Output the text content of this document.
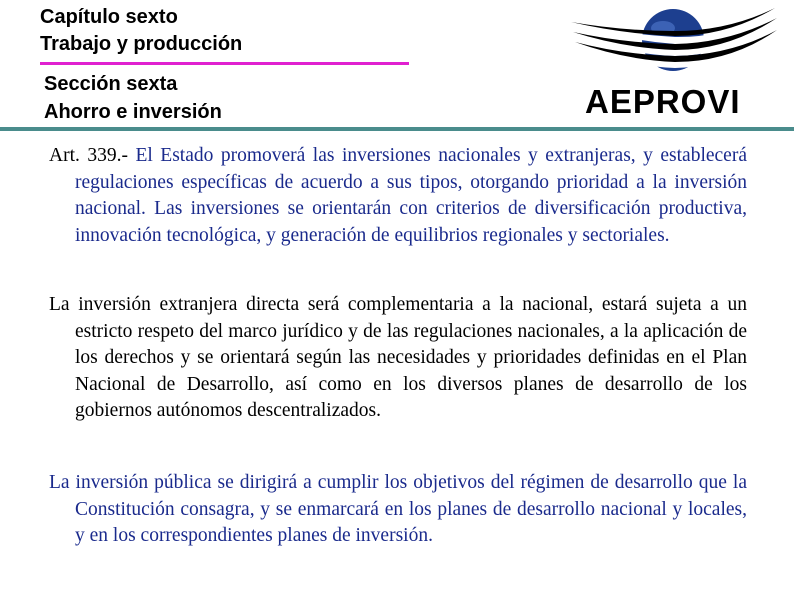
Capítulo sexto
Trabajo y producción
Sección sexta
Ahorro e inversión	AEPROVI
Art. 339.- El Estado promoverá las inversiones nacionales y extranjeras, y establecerá regulaciones específicas de acuerdo a sus tipos, otorgando prioridad a la inversión nacional. Las inversiones se orientarán con criterios de diversificación productiva, innovación tecnológica, y generación de equilibrios regionales y sectoriales.
La inversión extranjera directa será complementaria a la nacional, estará sujeta a un estricto respeto del marco jurídico y de las regulaciones nacionales, a la aplicación de los derechos y se orientará según las necesidades y prioridades definidas en el Plan Nacional de Desarrollo, así como en los diversos planes de desarrollo de los gobiernos autónomos descentralizados.
La inversión pública se dirigirá a cumplir los objetivos del régimen de desarrollo que la Constitución consagra, y se enmarcará en los planes de desarrollo nacional y locales, y en los correspondientes planes de inversión.
